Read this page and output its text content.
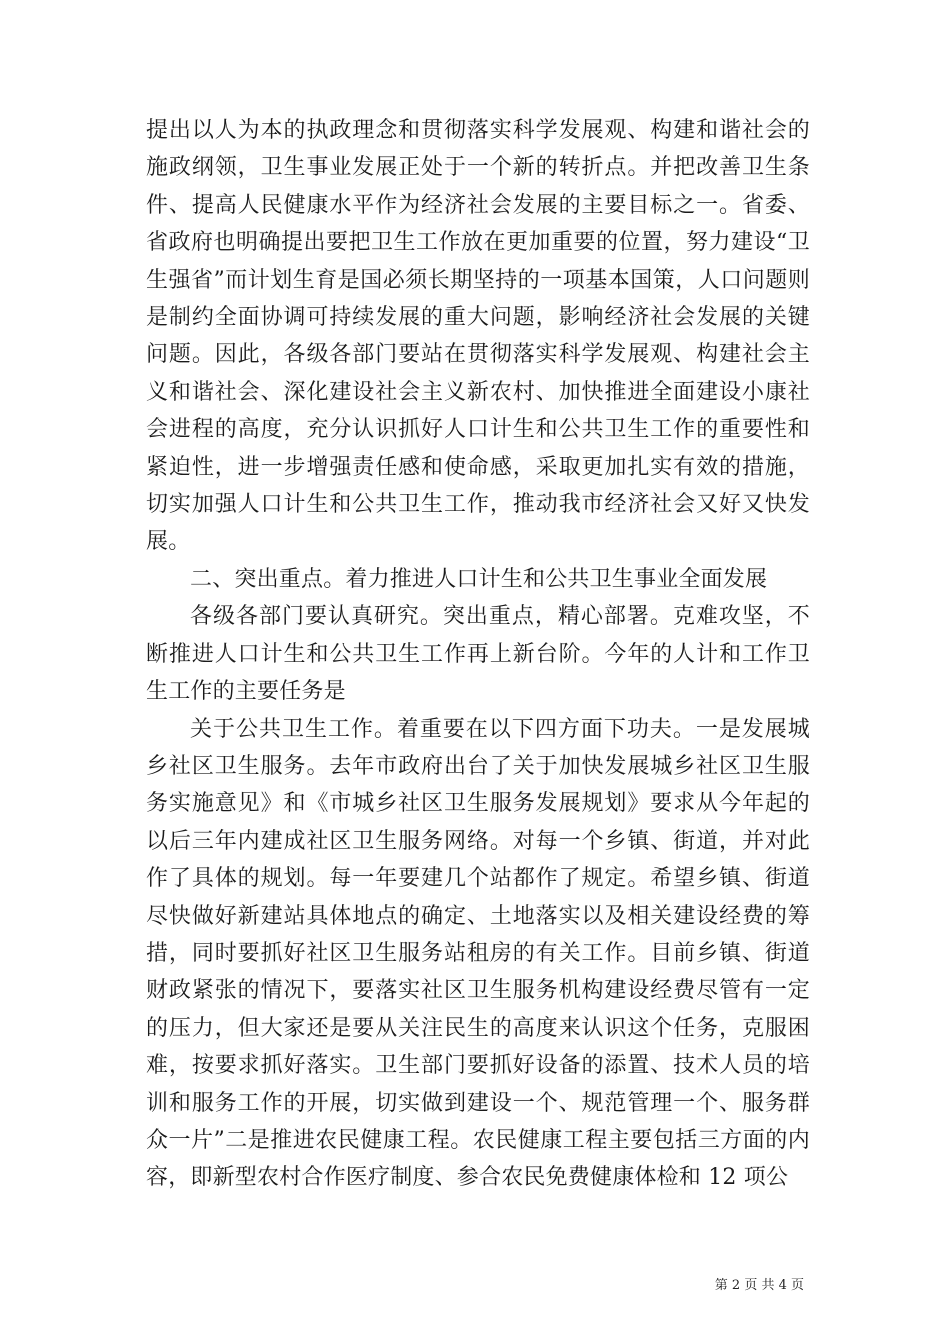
提出以人为本的执政理念和贯彻落实科学发展观、构建和谐社会的施政纲领，卫生事业发展正处于一个新的转折点。并把改善卫生条件、提高人民健康水平作为经济社会发展的主要目标之一。省委、省政府也明确提出要把卫生工作放在更加重要的位置，努力建设“卫生强省”而计划生育是国必须长期坚持的一项基本国策，人口问题则是制约全面协调可持续发展的重大问题，影响经济社会发展的关键问题。因此，各级各部门要站在贯彻落实科学发展观、构建社会主义和谐社会、深化建设社会主义新农村、加快推进全面建设小康社会进程的高度，充分认识抓好人口计生和公共卫生工作的重要性和紧迫性，进一步增强责任感和使命感，采取更加扎实有效的措施，切实加强人口计生和公共卫生工作，推动我市经济社会又好又快发展。

二、突出重点。着力推进人口计生和公共卫生事业全面发展

各级各部门要认真研究。突出重点，精心部署。克难攻坚，不断推进人口计生和公共卫生工作再上新台阶。今年的人计和工作卫生工作的主要任务是

关于公共卫生工作。着重要在以下四方面下功夫。一是发展城乡社区卫生服务。去年市政府出台了关于加快发展城乡社区卫生服务实施意见》和《市城乡社区卫生服务发展规划》要求从今年起的以后三年内建成社区卫生服务网络。对每一个乡镇、街道，并对此作了具体的规划。每一年要建几个站都作了规定。希望乡镇、街道尽快做好新建站具体地点的确定、土地落实以及相关建设经费的筹措，同时要抓好社区卫生服务站租房的有关工作。目前乡镇、街道财政紧张的情况下，要落实社区卫生服务机构建设经费尽管有一定的压力，但大家还是要从关注民生的高度来认识这个任务，克服困难，按要求抓好落实。卫生部门要抓好设备的添置、技术人员的培训和服务工作的开展，切实做到建设一个、规范管理一个、服务群众一片”二是推进农民健康工程。农民健康工程主要包括三方面的内容，即新型农村合作医疗制度、参合农民免费健康体检和 12 项公

第 2 页 共 4 页
